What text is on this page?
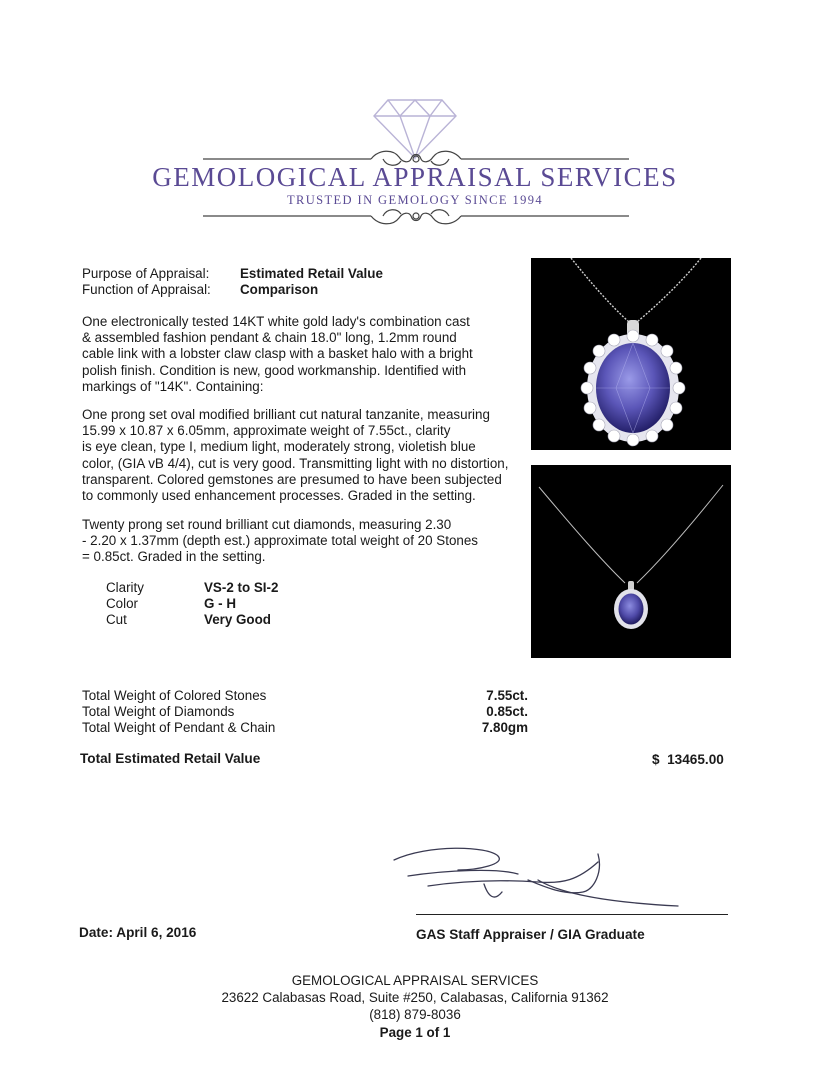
GEMOLOGICAL APPRAISAL SERVICES
TRUSTED IN GEMOLOGY SINCE 1994
Purpose of Appraisal: Estimated Retail Value
Function of Appraisal: Comparison
One electronically tested 14KT white gold lady's combination cast
& assembled fashion pendant & chain 18.0" long, 1.2mm round
cable link with a lobster claw clasp with a basket halo with a bright
polish finish. Condition is new, good workmanship. Identified with
markings of "14K". Containing:
One prong set oval modified brilliant cut natural tanzanite, measuring
15.99 x 10.87 x 6.05mm, approximate weight of 7.55ct., clarity
is eye clean, type I, medium light, moderately strong, violetish blue
color, (GIA vB 4/4), cut is very good. Transmitting light with no distortion,
transparent. Colored gemstones are presumed to have been subjected
to commonly used enhancement processes. Graded in the setting.
Twenty prong set round brilliant cut diamonds, measuring 2.30
- 2.20 x 1.37mm (depth est.) approximate total weight of 20 Stones
= 0.85ct. Graded in the setting.
Clarity	VS-2 to SI-2
Color	G - H
Cut	Very Good
Total Weight of Colored Stones	7.55ct.
Total Weight of Diamonds	0.85ct.
Total Weight of Pendant & Chain	7.80gm
Total Estimated Retail Value	$  13465.00
Date: April 6, 2016	GAS Staff Appraiser / GIA Graduate
GEMOLOGICAL APPRAISAL SERVICES
23622 Calabasas Road, Suite #250, Calabasas, California 91362
(818) 879-8036
Page 1 of 1
